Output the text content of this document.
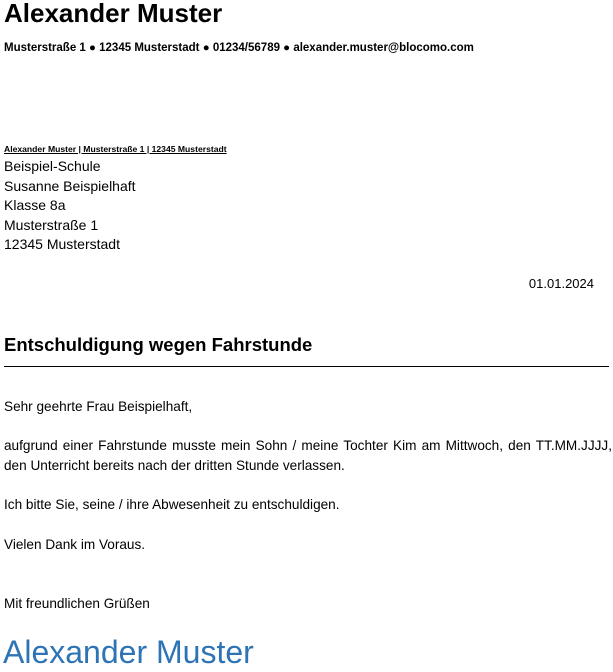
Alexander Muster
Musterstraße 1 ● 12345 Musterstadt ● 01234/56789 ● alexander.muster@blocomo.com
Alexander Muster | Musterstraße 1 | 12345 Musterstadt
Beispiel-Schule
Susanne Beispielhaft
Klasse 8a
Musterstraße 1
12345 Musterstadt
01.01.2024
Entschuldigung wegen Fahrstunde
Sehr geehrte Frau Beispielhaft,
aufgrund einer Fahrstunde musste mein Sohn / meine Tochter Kim am Mittwoch, den TT.MM.JJJJ, den Unterricht bereits nach der dritten Stunde verlassen.
Ich bitte Sie, seine / ihre Abwesenheit zu entschuldigen.
Vielen Dank im Voraus.
Mit freundlichen Grüßen
Alexander Muster
